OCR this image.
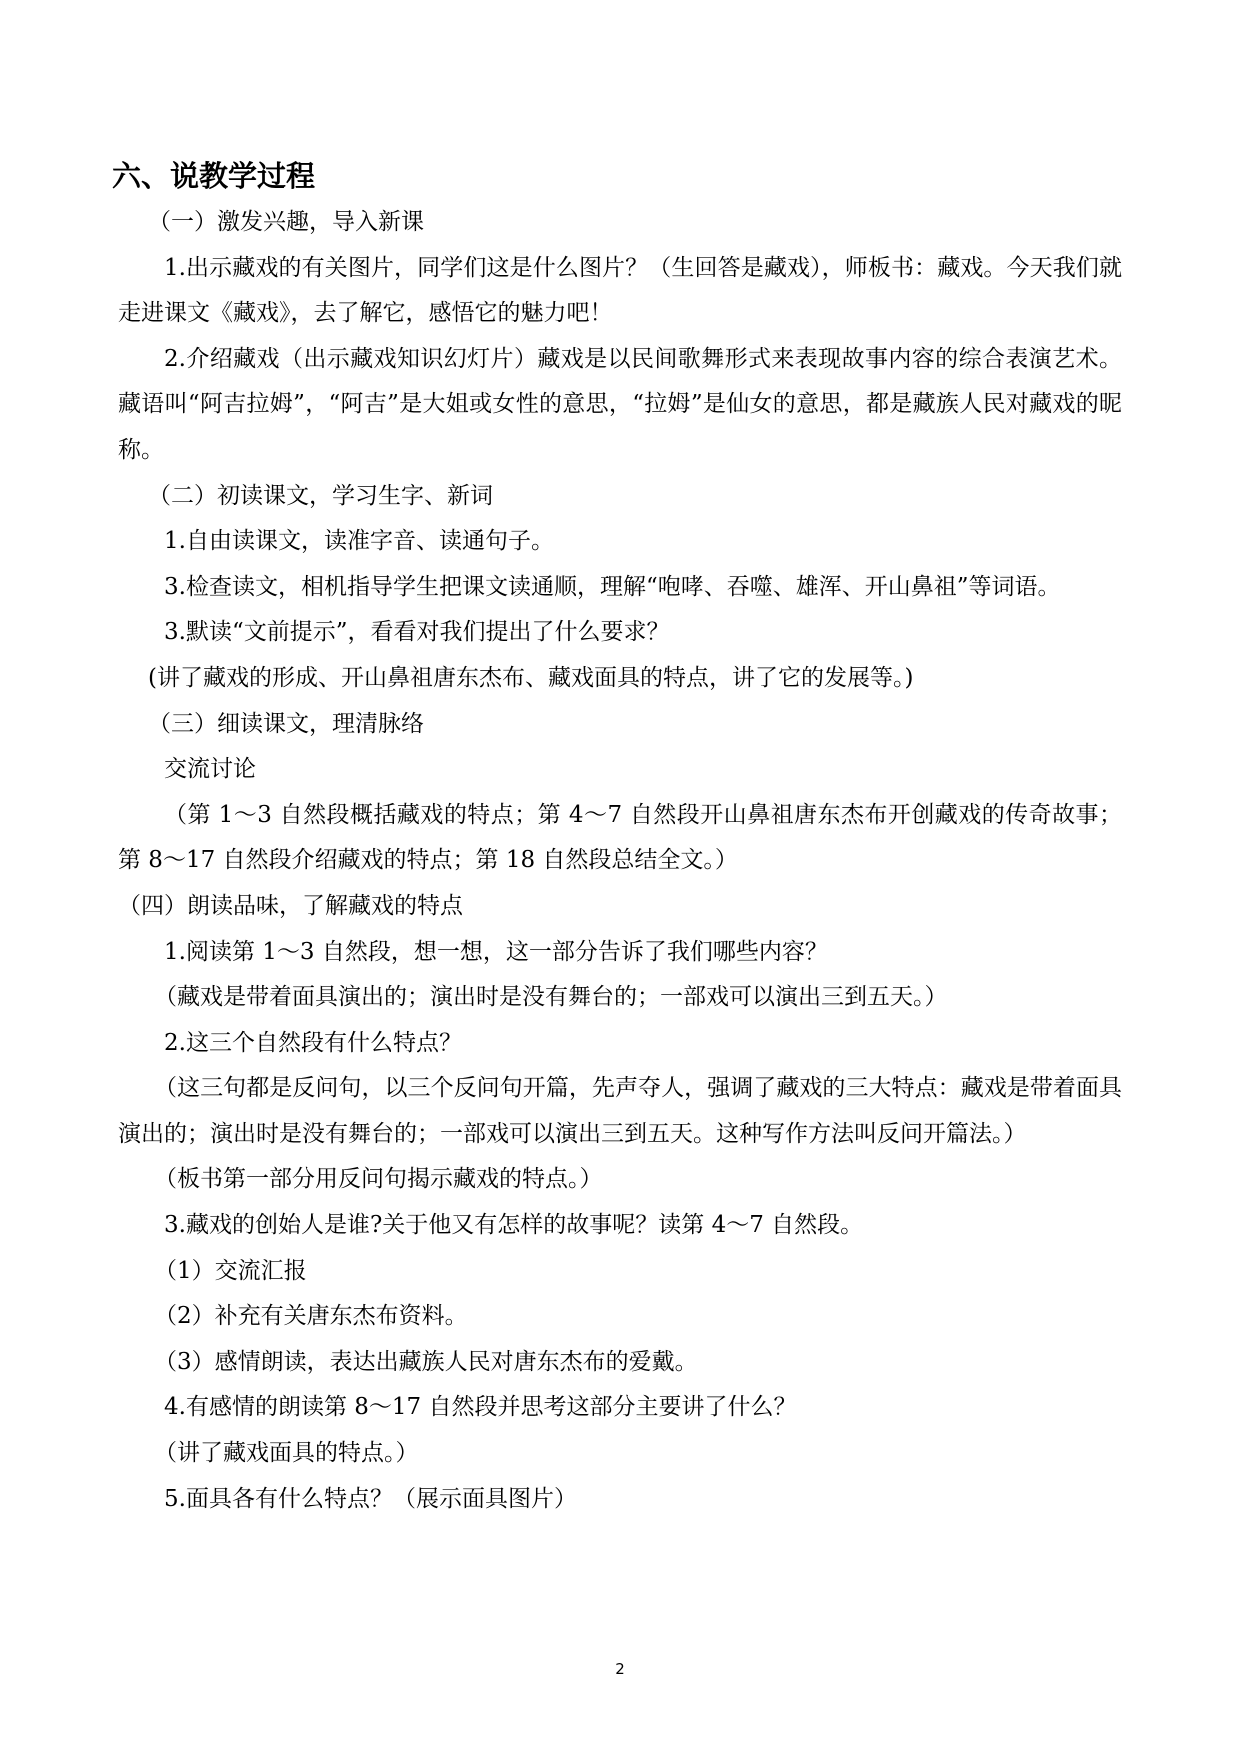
六、说教学过程

（一）激发兴趣，导入新课

1.出示藏戏的有关图片，同学们这是什么图片？（生回答是藏戏），师板书：藏戏。今天我们就走进课文《藏戏》，去了解它，感悟它的魅力吧！

2.介绍藏戏（出示藏戏知识幻灯片）藏戏是以民间歌舞形式来表现故事内容的综合表演艺术。藏语叫“阿吉拉姆”，“阿吉”是大姐或女性的意思，“拉姆”是仙女的意思，都是藏族人民对藏戏的昵称。

（二）初读课文，学习生字、新词

1.自由读课文，读准字音、读通句子。

3.检查读文，相机指导学生把课文读通顺，理解“咆哮、吞噬、雄浑、开山鼻祖”等词语。

3.默读“文前提示”，看看对我们提出了什么要求？

(讲了藏戏的形成、开山鼻祖唐东杰布、藏戏面具的特点，讲了它的发展等。)

（三）细读课文，理清脉络

交流讨论

（第 1～3 自然段概括藏戏的特点；第 4～7 自然段开山鼻祖唐东杰布开创藏戏的传奇故事；第 8～17 自然段介绍藏戏的特点；第 18 自然段总结全文。）

（四）朗读品味，了解藏戏的特点

1.阅读第 1～3 自然段，想一想，这一部分告诉了我们哪些内容？

（藏戏是带着面具演出的；演出时是没有舞台的；一部戏可以演出三到五天。）

2.这三个自然段有什么特点？

（这三句都是反问句，以三个反问句开篇，先声夺人，强调了藏戏的三大特点：藏戏是带着面具演出的；演出时是没有舞台的；一部戏可以演出三到五天。这种写作方法叫反问开篇法。）

（板书第一部分用反问句揭示藏戏的特点。）

3.藏戏的创始人是谁?关于他又有怎样的故事呢？读第 4～7 自然段。

（1）交流汇报

（2）补充有关唐东杰布资料。

（3）感情朗读，表达出藏族人民对唐东杰布的爱戴。

4.有感情的朗读第 8～17 自然段并思考这部分主要讲了什么？

（讲了藏戏面具的特点。）

5.面具各有什么特点？（展示面具图片）

2
